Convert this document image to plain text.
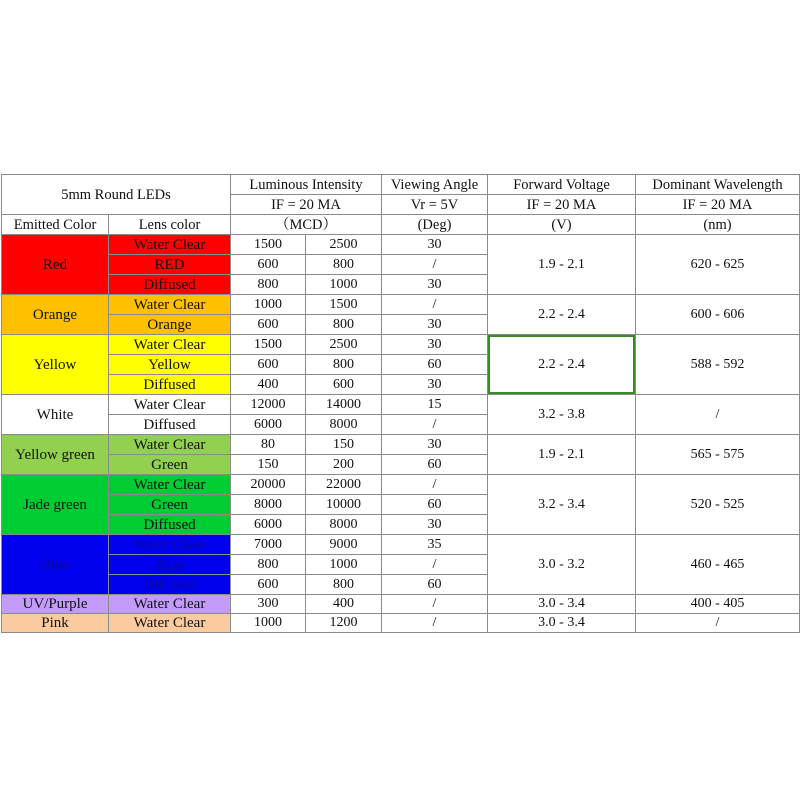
5mm Round LEDs		Luminous Intensity		Viewing Angle	Forward Voltage	Dominant Wavelength
		IF = 20 MA		Vr = 5V	IF = 20 MA	IF = 20 MA
Emitted Color	Lens color	（MCD）		(Deg)	(V)	(nm)
Red	Water Clear	1500	2500	30	1.9 - 2.1	620 - 625
	RED	600	800	/		
	Diffused	800	1000	30		
Orange	Water Clear	1000	1500	/	2.2 - 2.4	600 - 606
	Orange	600	800	30		
Yellow	Water Clear	1500	2500	30	2.2 - 2.4	588 - 592
	Yellow	600	800	60		
	Diffused	400	600	30		
White	Water Clear	12000	14000	15	3.2 - 3.8	/
	Diffused	6000	8000	/		
Yellow green	Water Clear	80	150	30	1.9 - 2.1	565 - 575
	Green	150	200	60		
Jade green	Water Clear	20000	22000	/	3.2 - 3.4	520 - 525
	Green	8000	10000	60		
	Diffused	6000	8000	30		
Blue	Water Clear	7000	9000	35	3.0 - 3.2	460 - 465
	Blue	800	1000	/		
	Diffused	600	800	60		
UV/Purple	Water Clear	300	400	/	3.0 - 3.4	400 - 405
Pink	Water Clear	1000	1200	/	3.0 - 3.4	/
